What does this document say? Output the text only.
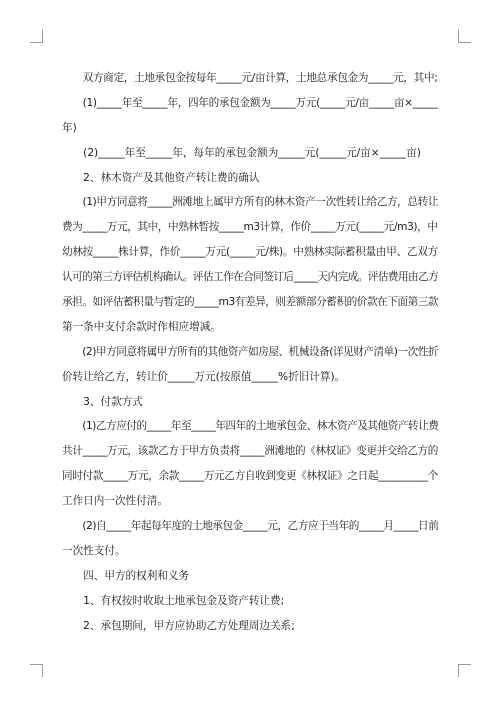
　　双方商定，土地承包金按每年_____元/亩计算，土地总承包金为_____元，其中;
　　(1)_____年至_____年，四年的承包金额为_____万元(_____元/亩_____亩×_____
年)
　　(2)_____年至_____年，每年的承包金额为_____元(_____元/亩×_____亩)
　　2、林木资产及其他资产转让费的确认
　　(1)甲方同意将_____洲滩地上属甲方所有的林木资产一次性转让给乙方，总转让
费为_____万元，其中，中熟林暂按_____m3计算，作价_____万元(_____元/m3)，中
幼林按_____株计算，作价_____万元(_____元/株)。中熟林实际蓄积量由甲、乙双方
认可的第三方评估机构确认。评估工作在合同签订后_____天内完成。评估费用由乙方
承担。如评估蓄积量与暂定的_____m3有差异，则差额部分蓄积的价款在下面第三款
第一条中支付余款时作相应增减。
　　(2)甲方同意将属甲方所有的其他资产如房屋、机械设备(详见财产清单)一次性折
价转让给乙方，转让价_____万元(按原值_____%折旧计算)。
　　3、付款方式
　　(1)乙方应付的_____年至_____年四年的土地承包金、林木资产及其他资产转让费
共计_____万元，该款乙方于甲方负责将_____洲滩地的《林权证》变更并交给乙方的
同时付款_____万元，余款_____万元乙方自收到变更《林权证》之日起__________个
工作日内一次性付清。
　　(2)自_____年起每年度的土地承包金_____元，乙方应于当年的_____月_____日前
一次性支付。
　　四、甲方的权利和义务
　　1、有权按时收取土地承包金及资产转让费;
　　2、承包期间，甲方应协助乙方处理周边关系;
